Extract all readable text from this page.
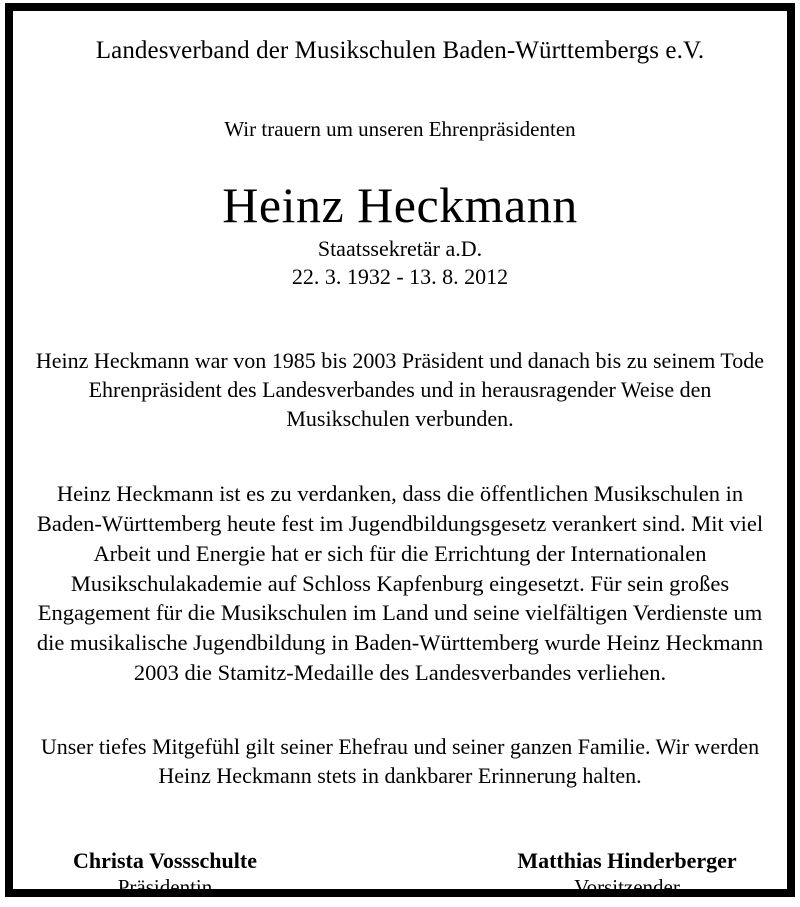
Landesverband der Musikschulen Baden-Württembergs e.V.
Wir trauern um unseren Ehrenpräsidenten
Heinz Heckmann
Staatssekretär a.D.
22. 3. 1932 - 13. 8. 2012
Heinz Heckmann war von 1985 bis 2003 Präsident und danach bis zu seinem Tode Ehrenpräsident des Landesverbandes und in herausragender Weise den Musikschulen verbunden.
Heinz Heckmann ist es zu verdanken, dass die öffentlichen Musikschulen in Baden-Württemberg heute fest im Jugendbildungsgesetz verankert sind. Mit viel Arbeit und Energie hat er sich für die Errichtung der Internationalen Musikschulakademie auf Schloss Kapfenburg eingesetzt. Für sein großes Engagement für die Musikschulen im Land und seine vielfältigen Verdienste um die musikalische Jugendbildung in Baden-Württemberg wurde Heinz Heckmann 2003 die Stamitz-Medaille des Landesverbandes verliehen.
Unser tiefes Mitgefühl gilt seiner Ehefrau und seiner ganzen Familie. Wir werden Heinz Heckmann stets in dankbarer Erinnerung halten.
Christa Vossschulte
Präsidentin
Matthias Hinderberger
Vorsitzender
